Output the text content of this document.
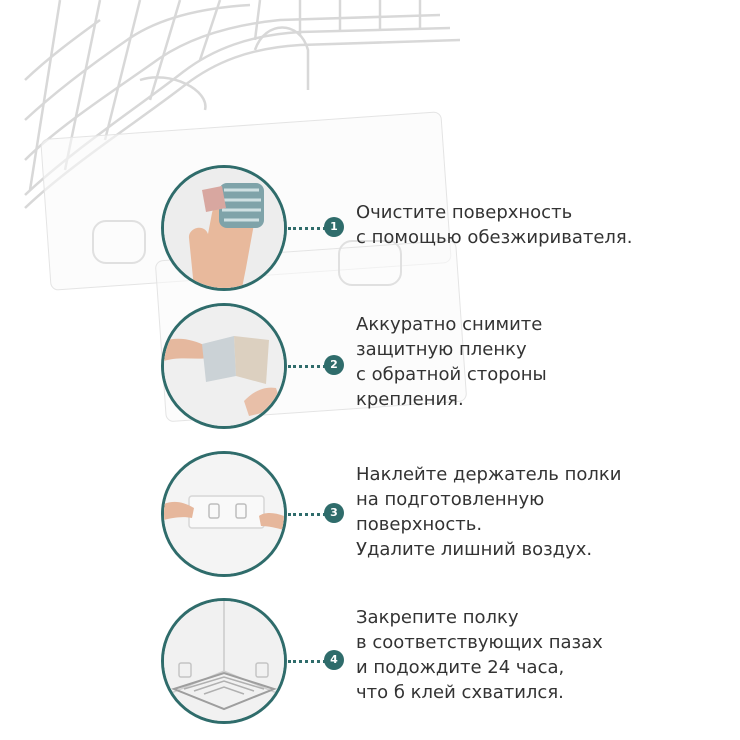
1
Очистите поверхность
с помощью обезжиривателя.
2
Аккуратно снимите
защитную пленку
с обратной стороны
крепления.
3
Наклейте держатель полки
на подготовленную
поверхность.
Удалите лишний воздух.
4
Закрепите полку
в соответствующих пазах
и подождите 24 часа,
что б клей схватился.
